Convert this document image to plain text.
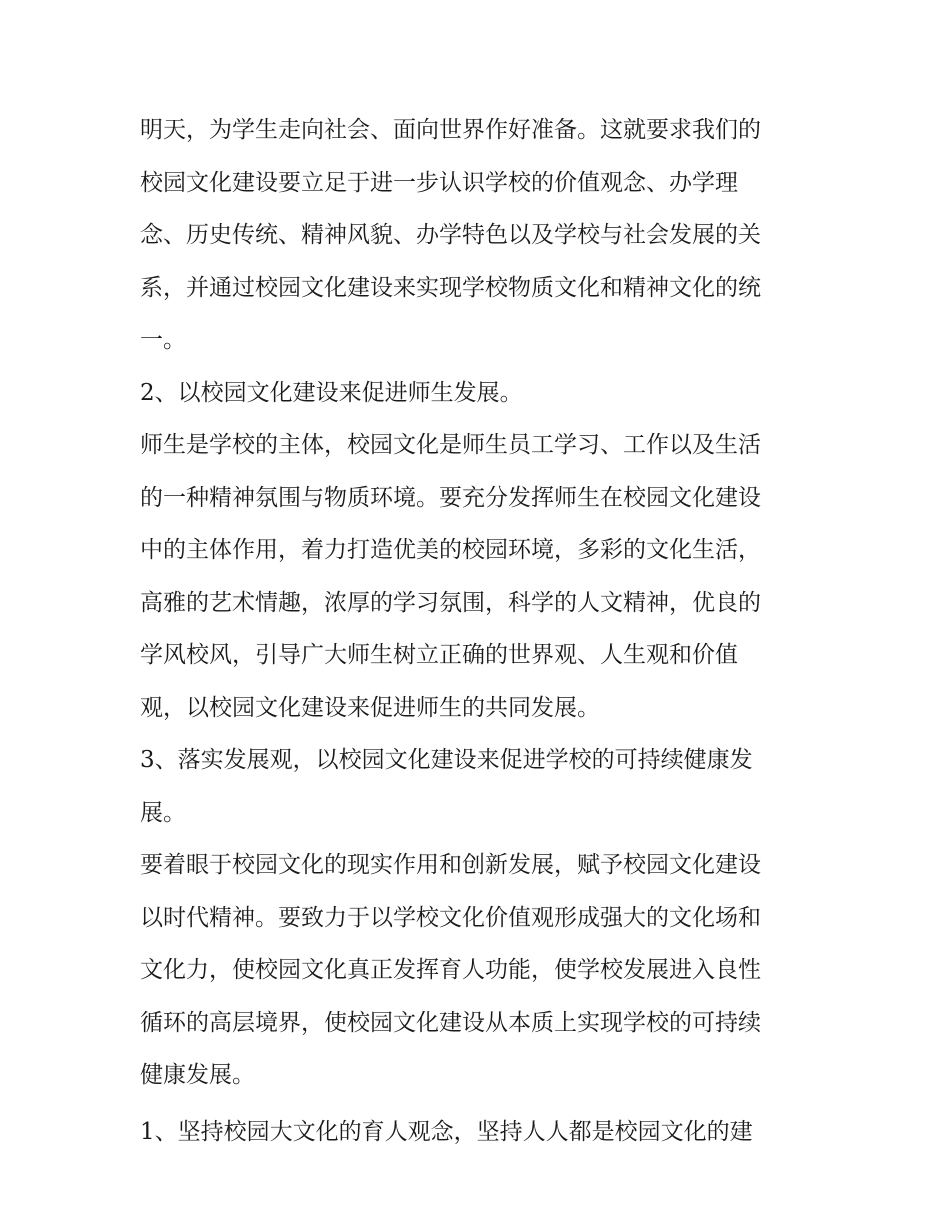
明天，为学生走向社会、面向世界作好准备。这就要求我们的
校园文化建设要立足于进一步认识学校的价值观念、办学理
念、历史传统、精神风貌、办学特色以及学校与社会发展的关
系，并通过校园文化建设来实现学校物质文化和精神文化的统
一。
2、以校园文化建设来促进师生发展。
师生是学校的主体，校园文化是师生员工学习、工作以及生活
的一种精神氛围与物质环境。要充分发挥师生在校园文化建设
中的主体作用，着力打造优美的校园环境，多彩的文化生活，
高雅的艺术情趣，浓厚的学习氛围，科学的人文精神，优良的
学风校风，引导广大师生树立正确的世界观、人生观和价值
观，以校园文化建设来促进师生的共同发展。
3、落实发展观，以校园文化建设来促进学校的可持续健康发
展。
要着眼于校园文化的现实作用和创新发展，赋予校园文化建设
以时代精神。要致力于以学校文化价值观形成强大的文化场和
文化力，使校园文化真正发挥育人功能，使学校发展进入良性
循环的高层境界，使校园文化建设从本质上实现学校的可持续
健康发展。
1、坚持校园大文化的育人观念，坚持人人都是校园文化的建
